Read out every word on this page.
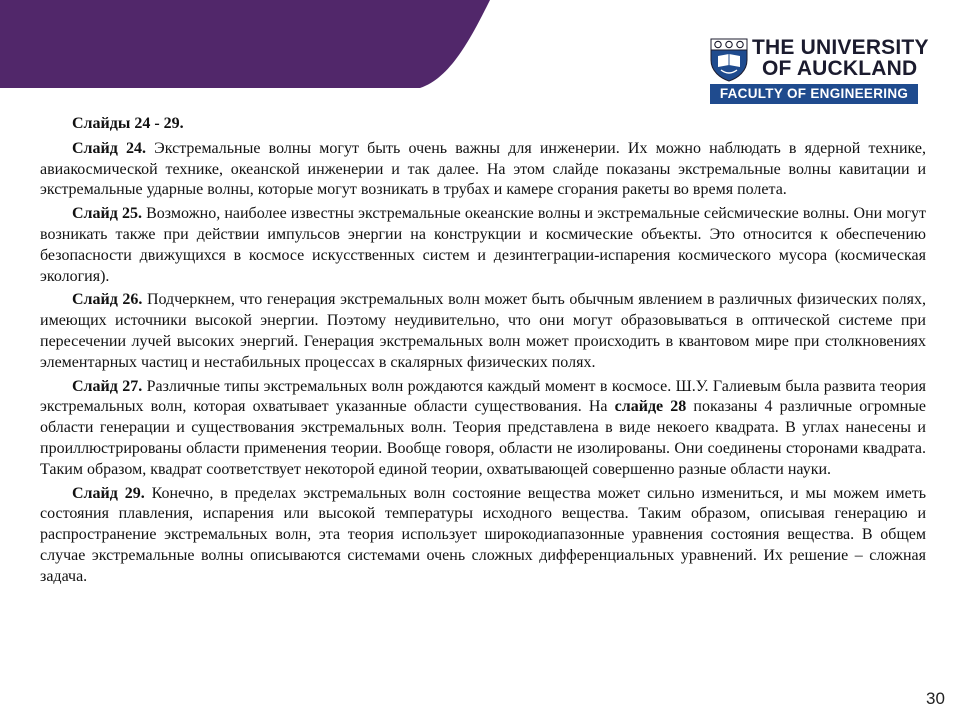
THE UNIVERSITY
OF AUCKLAND
FACULTY OF ENGINEERING

Слайды 24 - 29.

Слайд 24. Экстремальные волны могут быть очень важны для инженерии. Их можно наблюдать в ядерной технике, авиакосмической технике, океанской инженерии и так далее. На этом слайде показаны экстремальные волны кавитации и экстремальные ударные волны, которые могут возникать в трубах и камере сгорания ракеты во время полета.

Слайд 25. Возможно, наиболее известны экстремальные океанские волны и экстремальные сейсмические волны. Они могут возникать также при действии импульсов энергии на конструкции и космические объекты. Это относится к обеспечению безопасности движущихся в космосе искусственных систем и дезинтеграции-испарения космического мусора (космическая экология).

Слайд 26. Подчеркнем, что генерация экстремальных волн может быть обычным явлением в различных физических полях, имеющих источники высокой энергии. Поэтому неудивительно, что они могут образовываться в оптической системе при пересечении лучей высоких энергий. Генерация экстремальных волн может происходить в квантовом мире при столкновениях элементарных частиц и нестабильных процессах в скалярных физических полях.

Слайд 27. Различные типы экстремальных волн рождаются каждый момент в космосе. Ш.У. Галиевым была развита теория экстремальных волн, которая охватывает указанные области существования. На слайде 28 показаны 4 различные огромные области генерации и существования экстремальных волн. Теория представлена в виде некоего квадрата. В углах нанесены и проиллюстрированы области применения теории. Вообще говоря, области не изолированы. Они соединены сторонами квадрата. Таким образом, квадрат соответствует некоторой единой теории, охватывающей совершенно разные области науки.

Слайд 29. Конечно, в пределах экстремальных волн состояние вещества может сильно измениться, и мы можем иметь состояния плавления, испарения или высокой температуры исходного вещества. Таким образом, описывая генерацию и распространение экстремальных волн, эта теория использует широкодиапазонные уравнения состояния вещества. В общем случае экстремальные волны описываются системами очень сложных дифференциальных уравнений. Их решение – сложная задача.

30
